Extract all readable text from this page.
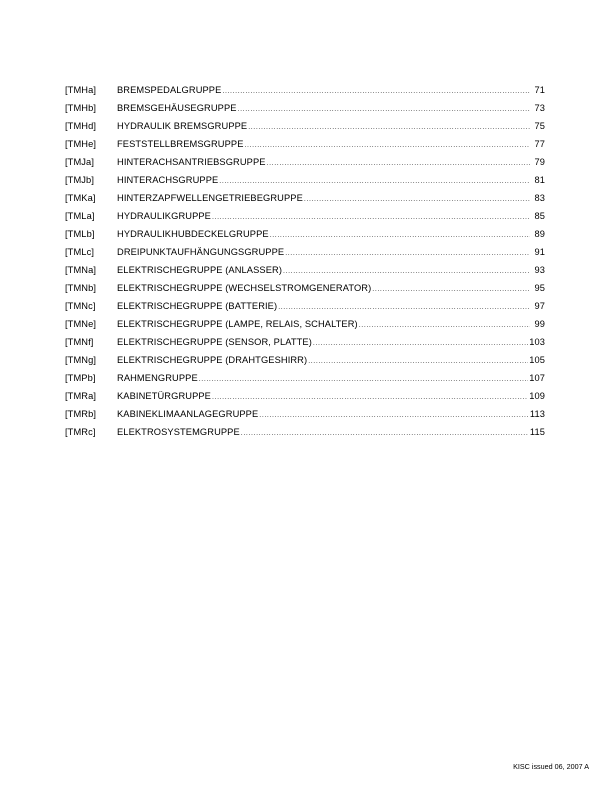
[TMHa]	BREMSPEDALGRUPPE .....	71
[TMHb]	BREMSGEHÄUSEGRUPPE .....	73
[TMHd]	HYDRAULIK BREMSGRUPPE .....	75
[TMHe]	FESTSTELLBREMSGRUPPE .....	77
[TMJa]	HINTERACHSANTRIEBSGRUPPE .....	79
[TMJb]	HINTERACHSGRUPPE .....	81
[TMKa]	HINTERZAPFWELLENGETRIEBEGRUPPE .....	83
[TMLa]	HYDRAULIKGRUPPE .....	85
[TMLb]	HYDRAULIKHUBDECKELGRUPPE .....	89
[TMLc]	DREIPUNKTAUFHÄNGUNGSGRUPPE .....	91
[TMNa]	ELEKTRISCHEGRUPPE (ANLASSER) .....	93
[TMNb]	ELEKTRISCHEGRUPPE (WECHSELSTROMGENERATOR) .....	95
[TMNc]	ELEKTRISCHEGRUPPE (BATTERIE) .....	97
[TMNe]	ELEKTRISCHEGRUPPE (LAMPE, RELAIS, SCHALTER) .....	99
[TMNf]	ELEKTRISCHEGRUPPE (SENSOR, PLATTE) .....	103
[TMNg]	ELEKTRISCHEGRUPPE (DRAHTGESHIRR) .....	105
[TMPb]	RAHMENGRUPPE .....	107
[TMRa]	KABINETÜRGRUPPE .....	109
[TMRb]	KABINEKLIMAANLAGEGRUPPE .....	113
[TMRc]	ELEKTROSYSTEMGRUPPE .....	115
KISC issued 06, 2007 A
